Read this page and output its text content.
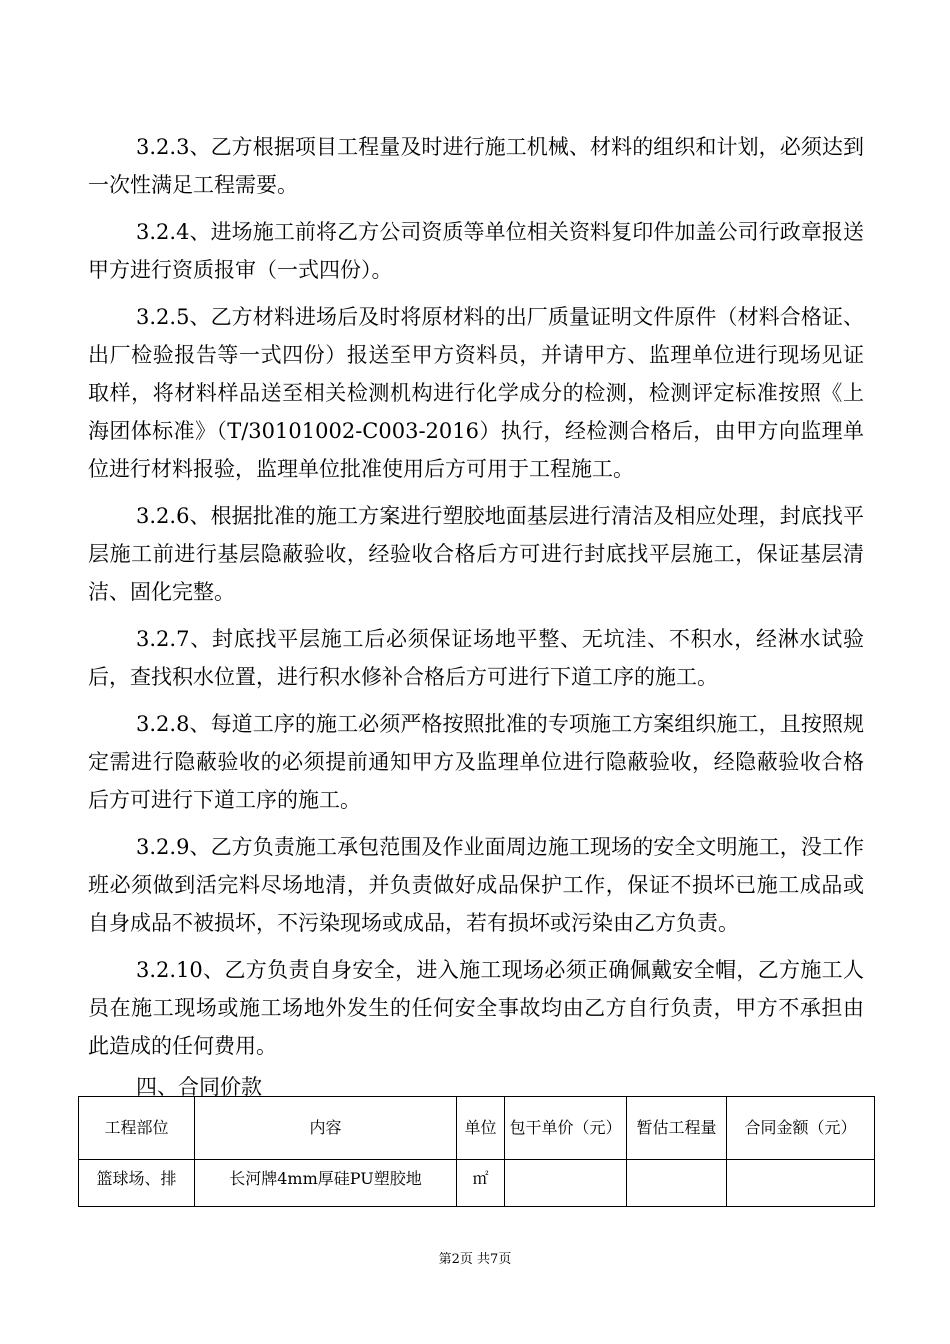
3.2.3、乙方根据项目工程量及时进行施工机械、材料的组织和计划，必须达到一次性满足工程需要。

3.2.4、进场施工前将乙方公司资质等单位相关资料复印件加盖公司行政章报送甲方进行资质报审（一式四份）。

3.2.5、乙方材料进场后及时将原材料的出厂质量证明文件原件（材料合格证、出厂检验报告等一式四份）报送至甲方资料员，并请甲方、监理单位进行现场见证取样，将材料样品送至相关检测机构进行化学成分的检测，检测评定标准按照《上海团体标准》（T/30101002-C003-2016）执行，经检测合格后，由甲方向监理单位进行材料报验，监理单位批准使用后方可用于工程施工。

3.2.6、根据批准的施工方案进行塑胶地面基层进行清洁及相应处理，封底找平层施工前进行基层隐蔽验收，经验收合格后方可进行封底找平层施工，保证基层清洁、固化完整。

3.2.7、封底找平层施工后必须保证场地平整、无坑洼、不积水，经淋水试验后，查找积水位置，进行积水修补合格后方可进行下道工序的施工。

3.2.8、每道工序的施工必须严格按照批准的专项施工方案组织施工，且按照规定需进行隐蔽验收的必须提前通知甲方及监理单位进行隐蔽验收，经隐蔽验收合格后方可进行下道工序的施工。

3.2.9、乙方负责施工承包范围及作业面周边施工现场的安全文明施工，没工作班必须做到活完料尽场地清，并负责做好成品保护工作，保证不损坏已施工成品或自身成品不被损坏，不污染现场或成品，若有损坏或污染由乙方负责。

3.2.10、乙方负责自身安全，进入施工现场必须正确佩戴安全帽，乙方施工人员在施工现场或施工场地外发生的任何安全事故均由乙方自行负责，甲方不承担由此造成的任何费用。

四、合同价款
工程部位	内容	单位	包干单价（元）	暂估工程量	合同金额（元）
篮球场、排	长河牌4mm厚硅PU塑胶地	㎡			
第2页 共7页
